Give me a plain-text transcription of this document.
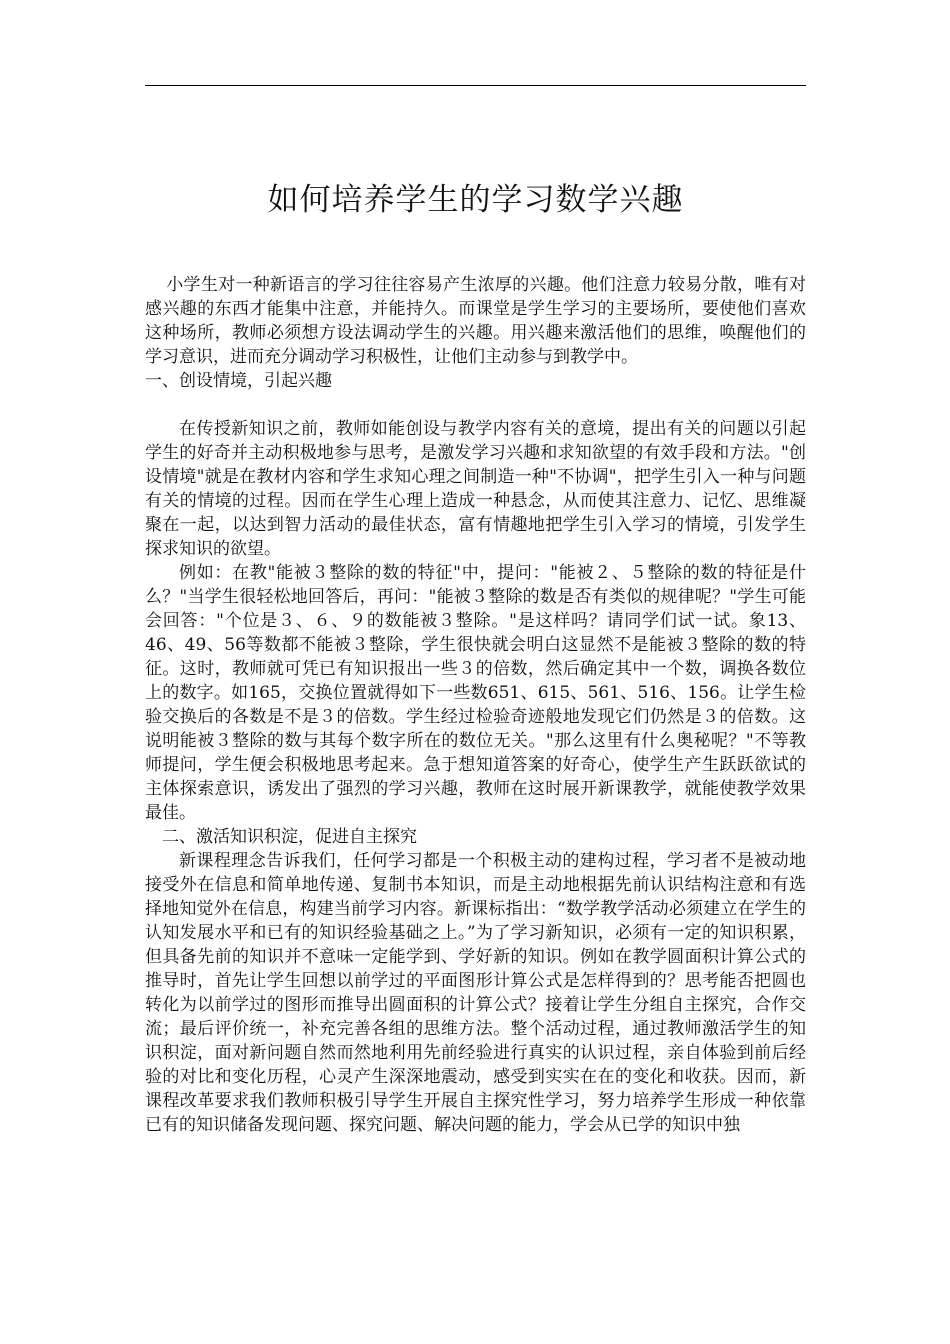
如何培养学生的学习数学兴趣

小学生对一种新语言的学习往往容易产生浓厚的兴趣。他们注意力较易分散，唯有对感兴趣的东西才能集中注意，并能持久。而课堂是学生学习的主要场所，要使他们喜欢这种场所，教师必须想方设法调动学生的兴趣。用兴趣来激活他们的思维，唤醒他们的学习意识，进而充分调动学习积极性，让他们主动参与到教学中。

一、创设情境，引起兴趣

在传授新知识之前，教师如能创设与教学内容有关的意境，提出有关的问题以引起学生的好奇并主动积极地参与思考，是激发学习兴趣和求知欲望的有效手段和方法。"创设情境"就是在教材内容和学生求知心理之间制造一种"不协调"，把学生引入一种与问题有关的情境的过程。因而在学生心理上造成一种悬念，从而使其注意力、记忆、思维凝聚在一起，以达到智力活动的最佳状态，富有情趣地把学生引入学习的情境，引发学生探求知识的欲望。

例如：在教"能被３整除的数的特征"中，提问："能被２、５整除的数的特征是什么？"当学生很轻松地回答后，再问："能被３整除的数是否有类似的规律呢？"学生可能会回答："个位是３、６、９的数能被３整除。"是这样吗？请同学们试一试。象13、46、49、56等数都不能被３整除，学生很快就会明白这显然不是能被３整除的数的特征。这时，教师就可凭已有知识报出一些３的倍数，然后确定其中一个数，调换各数位上的数字。如165，交换位置就得如下一些数651、615、561、516、156。让学生检验交换后的各数是不是３的倍数。学生经过检验奇迹般地发现它们仍然是３的倍数。这说明能被３整除的数与其每个数字所在的数位无关。"那么这里有什么奥秘呢？"不等教师提问，学生便会积极地思考起来。急于想知道答案的好奇心，使学生产生跃跃欲试的主体探索意识，诱发出了强烈的学习兴趣，教师在这时展开新课教学，就能使教学效果最佳。

二、激活知识积淀，促进自主探究

新课程理念告诉我们，任何学习都是一个积极主动的建构过程，学习者不是被动地接受外在信息和简单地传递、复制书本知识，而是主动地根据先前认识结构注意和有选择地知觉外在信息，构建当前学习内容。新课标指出：“数学教学活动必须建立在学生的认知发展水平和已有的知识经验基础之上。”为了学习新知识，必须有一定的知识积累，但具备先前的知识并不意味一定能学到、学好新的知识。例如在教学圆面积计算公式的推导时，首先让学生回想以前学过的平面图形计算公式是怎样得到的？思考能否把圆也转化为以前学过的图形而推导出圆面积的计算公式？接着让学生分组自主探究，合作交流；最后评价统一，补充完善各组的思维方法。整个活动过程，通过教师激活学生的知识积淀，面对新问题自然而然地利用先前经验进行真实的认识过程，亲自体验到前后经验的对比和变化历程，心灵产生深深地震动，感受到实实在在的变化和收获。因而，新课程改革要求我们教师积极引导学生开展自主探究性学习，努力培养学生形成一种依靠已有的知识储备发现问题、探究问题、解决问题的能力，学会从已学的知识中独
